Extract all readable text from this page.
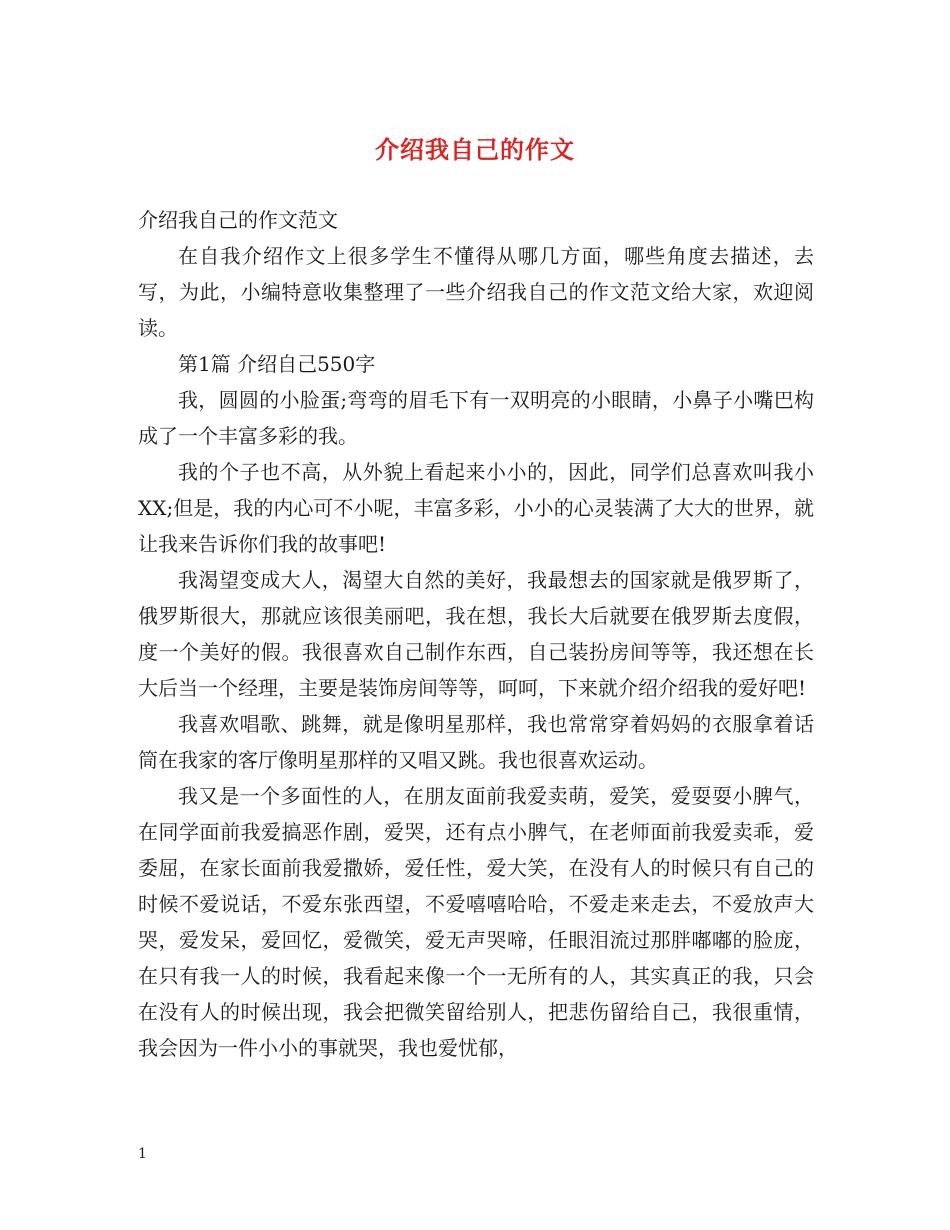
介绍我自己的作文

介绍我自己的作文范文

在自我介绍作文上很多学生不懂得从哪几方面，哪些角度去描述，去写，为此，小编特意收集整理了一些介绍我自己的作文范文给大家，欢迎阅读。

第1篇 介绍自己550字

我，圆圆的小脸蛋;弯弯的眉毛下有一双明亮的小眼睛，小鼻子小嘴巴构成了一个丰富多彩的我。

我的个子也不高，从外貌上看起来小小的，因此，同学们总喜欢叫我小XX;但是，我的内心可不小呢，丰富多彩，小小的心灵装满了大大的世界，就让我来告诉你们我的故事吧!

我渴望变成大人，渴望大自然的美好，我最想去的国家就是俄罗斯了，俄罗斯很大，那就应该很美丽吧，我在想，我长大后就要在俄罗斯去度假，度一个美好的假。我很喜欢自己制作东西，自己装扮房间等等，我还想在长大后当一个经理，主要是装饰房间等等，呵呵，下来就介绍介绍我的爱好吧!

我喜欢唱歌、跳舞，就是像明星那样，我也常常穿着妈妈的衣服拿着话筒在我家的客厅像明星那样的又唱又跳。我也很喜欢运动。

我又是一个多面性的人，在朋友面前我爱卖萌，爱笑，爱耍耍小脾气，在同学面前我爱搞恶作剧，爱哭，还有点小脾气，在老师面前我爱卖乖，爱委屈，在家长面前我爱撒娇，爱任性，爱大笑，在没有人的时候只有自己的时候不爱说话，不爱东张西望，不爱嘻嘻哈哈，不爱走来走去，不爱放声大哭，爱发呆，爱回忆，爱微笑，爱无声哭啼，任眼泪流过那胖嘟嘟的脸庞，在只有我一人的时候，我看起来像一个一无所有的人，其实真正的我，只会在没有人的时候出现，我会把微笑留给别人，把悲伤留给自己，我很重情，我会因为一件小小的事就哭，我也爱忧郁，

1
